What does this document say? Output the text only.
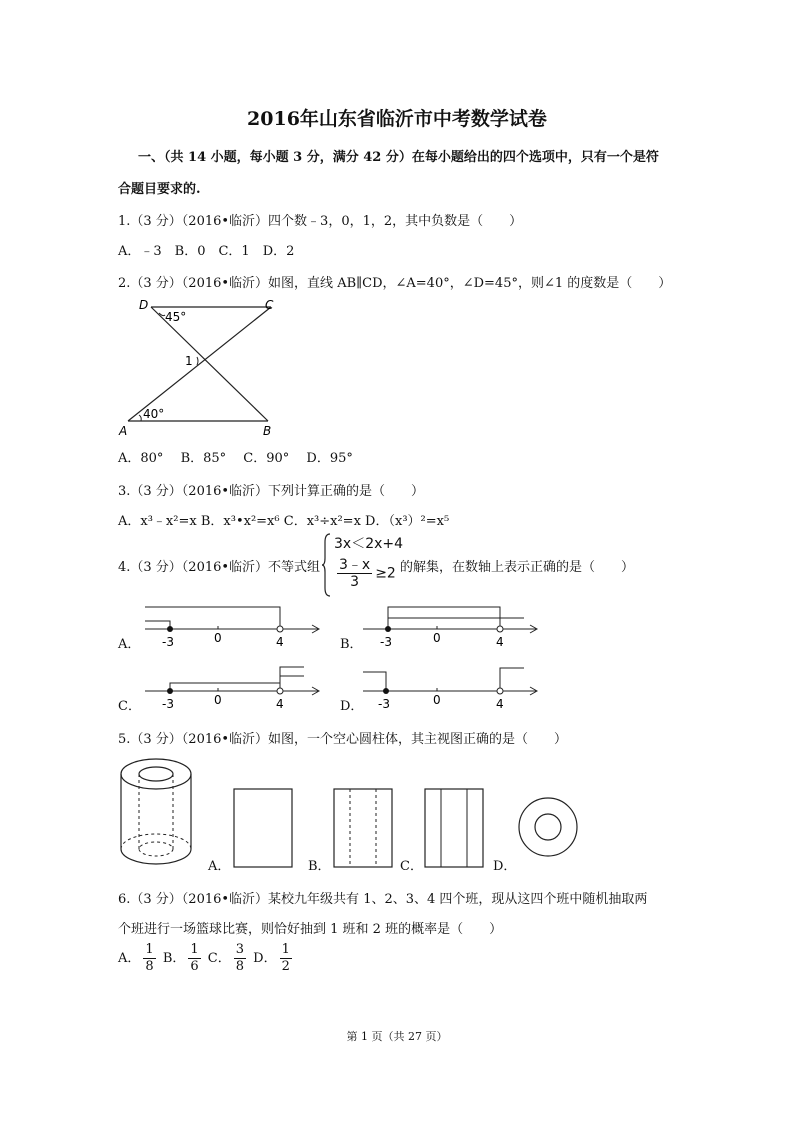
2016年山东省临沂市中考数学试卷
一、（共 14 小题，每小题 3 分，满分 42 分）在每小题给出的四个选项中，只有一个是符
合题目要求的.
1.（3 分）（2016•临沂）四个数﹣3，0，1，2，其中负数是（　　）
A．﹣3　B．0　C．1　D．2
2.（3 分）（2016•临沂）如图，直线 AB∥CD，∠A=40°，∠D=45°，则∠1 的度数是（　　）
D	C
A	B
45°
40°
1
A．80°　 B．85°　 C．90°　 D．95°
3.（3 分）（2016•临沂）下列计算正确的是（　　）
A．x³﹣x²=x B．x³•x²=x⁶ C．x³÷x²=x D．（x³）²=x⁵
4.（3 分）（2016•临沂）不等式组
3x＜2x+4
$\frac{3﹣x}{3} \ge 2$ 的解集，在数轴上表示正确的是（　　）
A． -3	0	4	B． -3	0	4
C． -3	0	4	D． -3	0	4
5.（3 分）（2016•临沂）如图，一个空心圆柱体，其主视图正确的是（　　）
A．	B．	C．	D．
6.（3 分）（2016•临沂）某校九年级共有 1、2、3、4 四个班，现从这四个班中随机抽取两
个班进行一场篮球比赛，则恰好抽到 1 班和 2 班的概率是（　　）
A． $\frac{1}{8}$ B． $\frac{1}{6}$ C． $\frac{3}{8}$ D． $\frac{1}{2}$
第 1 页（共 27 页）
